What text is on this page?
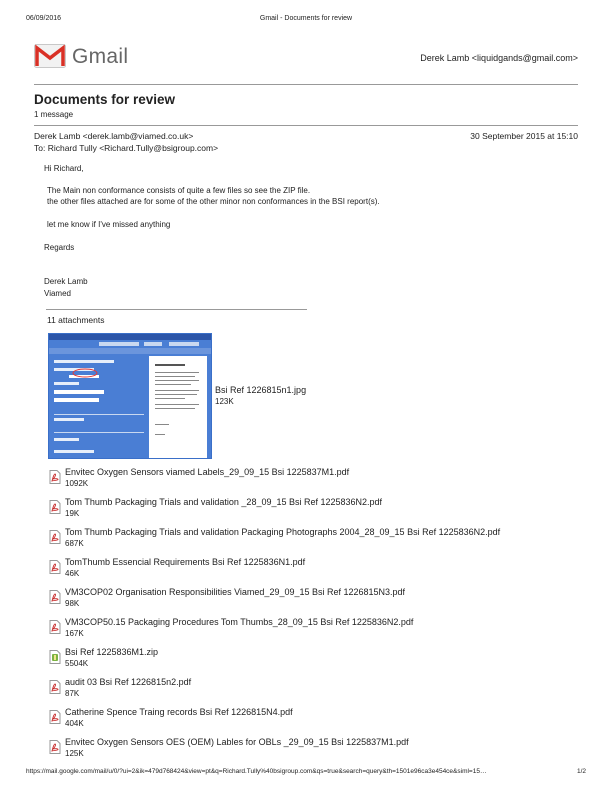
06/09/2016	Gmail - Documents for review
Gmail	Derek Lamb <liquidgands@gmail.com>
Documents for review
1 message
Derek Lamb <derek.lamb@viamed.co.uk>	30 September 2015 at 15:10
To: Richard Tully <Richard.Tully@bsigroup.com>
Hi Richard,
The Main non conformance consists of quite a few files so see the ZIP file.
the other files attached are for some of the other minor non conformances in the BSI report(s).
let me know if I've missed anything
Regards
Derek Lamb
Viamed
11 attachments
Bsi Ref 1226815n1.jpg
123K
Envitec Oxygen Sensors viamed Labels_29_09_15 Bsi 1225837M1.pdf
1092K
Tom Thumb Packaging Trials and validation _28_09_15 Bsi Ref 1225836N2.pdf
19K
Tom Thumb Packaging Trials and validation Packaging Photographs 2004_28_09_15 Bsi Ref 1225836N2.pdf
687K
TomThumb Essencial Requirements Bsi Ref 1225836N1.pdf
46K
VM3COP02 Organisation Responsibilities Viamed_29_09_15 Bsi Ref 1226815N3.pdf
98K
VM3COP50.15 Packaging Procedures Tom Thumbs_28_09_15 Bsi Ref 1225836N2.pdf
167K
Bsi Ref 1225836M1.zip
5504K
audit 03 Bsi Ref 1226815n2.pdf
87K
Catherine Spence Traing records Bsi Ref 1226815N4.pdf
404K
Envitec Oxygen Sensors OES (OEM) Lables for OBLs _29_09_15 Bsi 1225837M1.pdf
125K
https://mail.google.com/mail/u/0/?ui=2&ik=479d768424&view=pt&q=Richard.Tully%40bsigroup.com&qs=true&search=query&th=1501e96ca3e454ce&siml=15…	1/2
